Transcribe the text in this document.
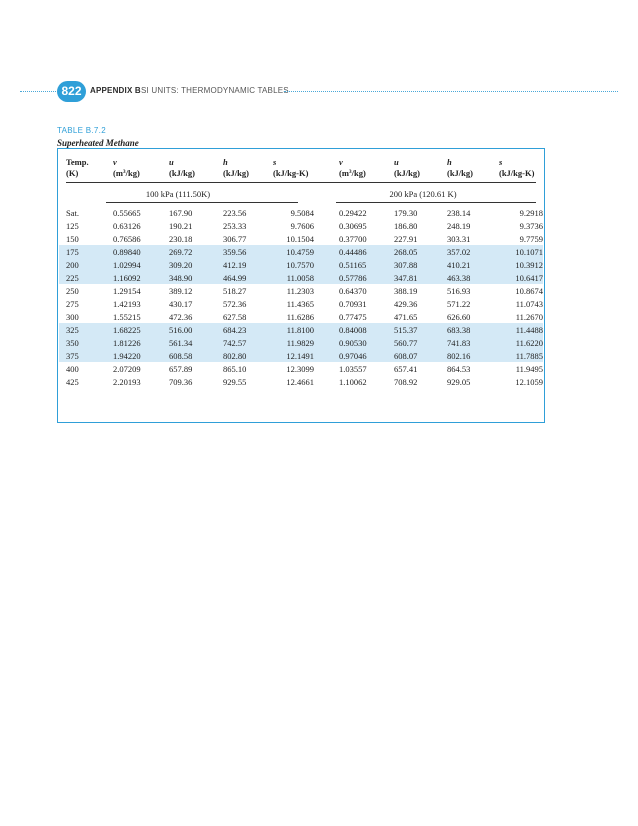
822	APPENDIX B SI UNITS: THERMODYNAMIC TABLES
TABLE B.7.2
Superheated Methane
Temp.	v	u	h	s	v	u	h	s
(K)	$(m^3/kg)$	(kJ/kg)	(kJ/kg)	(kJ/kg-K)	$(m^3/kg)$	(kJ/kg)	(kJ/kg)	(kJ/kg-K)
100 kPa (111.50K)	200 kPa (120.61 K)
Sat.	0.55665	167.90	223.56	9.5084	0.29422	179.30	238.14	9.2918
125	0.63126	190.21	253.33	9.7606	0.30695	186.80	248.19	9.3736
150	0.76586	230.18	306.77	10.1504	0.37700	227.91	303.31	9.7759
175	0.89840	269.72	359.56	10.4759	0.44486	268.05	357.02	10.1071
200	1.02994	309.20	412.19	10.7570	0.51165	307.88	410.21	10.3912
225	1.16092	348.90	464.99	11.0058	0.57786	347.81	463.38	10.6417
250	1.29154	389.12	518.27	11.2303	0.64370	388.19	516.93	10.8674
275	1.42193	430.17	572.36	11.4365	0.70931	429.36	571.22	11.0743
300	1.55215	472.36	627.58	11.6286	0.77475	471.65	626.60	11.2670
325	1.68225	516.00	684.23	11.8100	0.84008	515.37	683.38	11.4488
350	1.81226	561.34	742.57	11.9829	0.90530	560.77	741.83	11.6220
375	1.94220	608.58	802.80	12.1491	0.97046	608.07	802.16	11.7885
400	2.07209	657.89	865.10	12.3099	1.03557	657.41	864.53	11.9495
425	2.20193	709.36	929.55	12.4661	1.10062	708.92	929.05	12.1059
